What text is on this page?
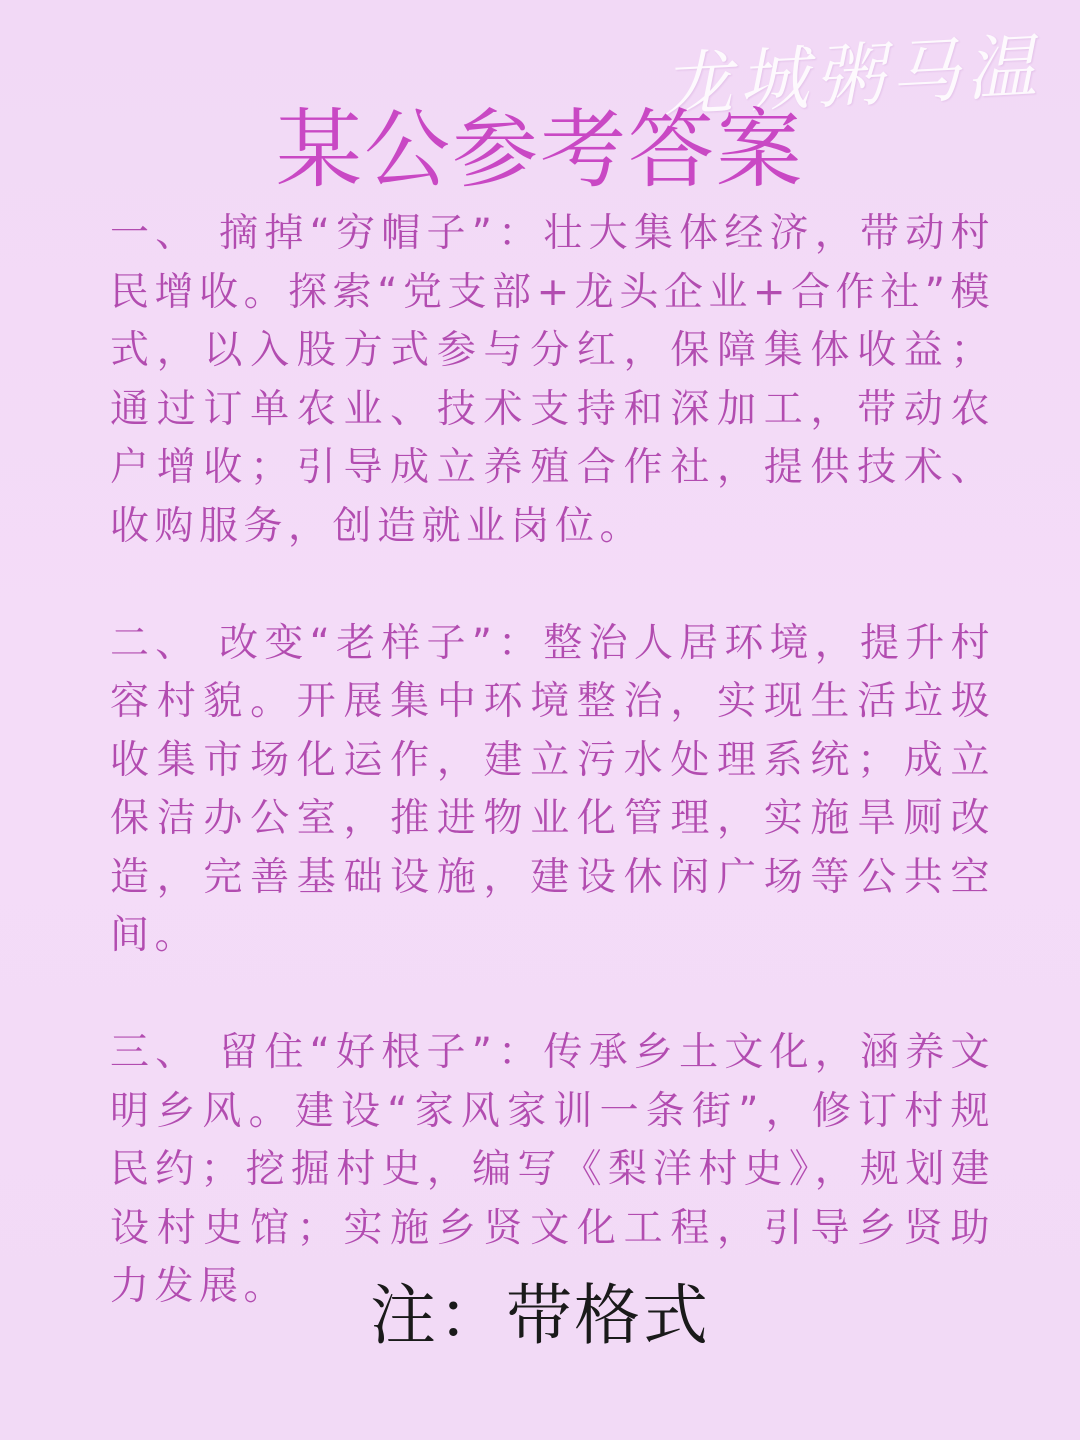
龙城粥马温
某公参考答案

一、 摘掉“穷帽子”：壮大集体经济，带动村民增收。探索“党支部+龙头企业+合作社”模式，以入股方式参与分红，保障集体收益；通过订单农业、技术支持和深加工，带动农户增收；引导成立养殖合作社，提供技术、收购服务，创造就业岗位。

二、 改变“老样子”：整治人居环境，提升村容村貌。开展集中环境整治，实现生活垃圾收集市场化运作，建立污水处理系统；成立保洁办公室，推进物业化管理，实施旱厕改造，完善基础设施，建设休闲广场等公共空间。

三、 留住“好根子”：传承乡土文化，涵养文明乡风。建设“家风家训一条街”，修订村规民约；挖掘村史，编写《梨洋村史》，规划建设村史馆；实施乡贤文化工程，引导乡贤助力发展。	注：带格式
